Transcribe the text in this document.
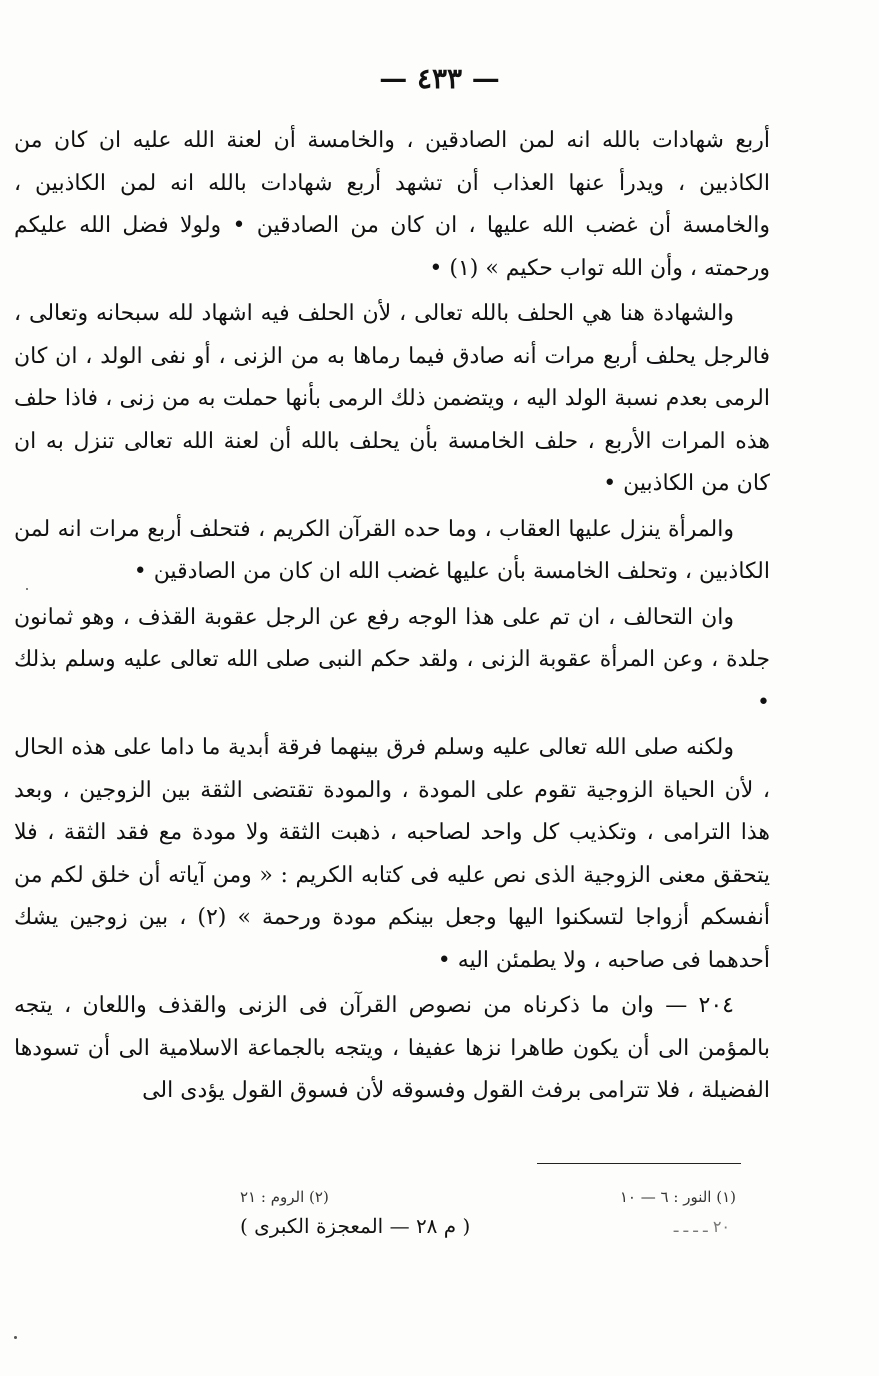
— ٤٣٣ —

أربع شهادات بالله انه لمن الصادقين ، والخامسة أن لعنة الله عليه ان كان من الكاذبين ، ويدرأ عنها العذاب أن تشهد أربع شهادات بالله انه لمن الكاذبين ، والخامسة أن غضب الله عليها ، ان كان من الصادقين • ولولا فضل الله عليكم ورحمته ، وأن الله تواب حكيم » (١) •

والشهادة هنا هي الحلف بالله تعالى ، لأن الحلف فيه اشهاد لله سبحانه وتعالى ، فالرجل يحلف أربع مرات أنه صادق فيما رماها به من الزنى ، أو نفى الولد ، ان كان الرمى بعدم نسبة الولد اليه ، ويتضمن ذلك الرمى بأنها حملت به من زنى ، فاذا حلف هذه المرات الأربع ، حلف الخامسة بأن يحلف بالله أن لعنة الله تعالى تنزل به ان كان من الكاذبين •

والمرأة ينزل عليها العقاب ، وما حده القرآن الكريم ، فتحلف أربع مرات انه لمن الكاذبين ، وتحلف الخامسة بأن عليها غضب الله ان كان من الصادقين •

وان التحالف ، ان تم على هذا الوجه رفع عن الرجل عقوبة القذف ، وهو ثمانون جلدة ، وعن المرأة عقوبة الزنى ، ولقد حكم النبى صلى الله تعالى عليه وسلم بذلك •

ولكنه صلى الله تعالى عليه وسلم فرق بينهما فرقة أبدية ما داما على هذه الحال ، لأن الحياة الزوجية تقوم على المودة ، والمودة تقتضى الثقة بين الزوجين ، وبعد هذا الترامى ، وتكذيب كل واحد لصاحبه ، ذهبت الثقة ولا مودة مع فقد الثقة ، فلا يتحقق معنى الزوجية الذى نص عليه فى كتابه الكريم : « ومن آياته أن خلق لكم من أنفسكم أزواجا لتسكنوا اليها وجعل بينكم مودة ورحمة » (٢) ، بين زوجين يشك أحدهما فى صاحبه ، ولا يطمئن اليه •

٢٠٤ — وان ما ذكرناه من نصوص القرآن فى الزنى والقذف واللعان ، يتجه بالمؤمن الى أن يكون طاهرا نزها عفيفا ، ويتجه بالجماعة الاسلامية الى أن تسودها الفضيلة ، فلا تترامى برفث القول وفسوقه لأن فسوق القول يؤدى الى

(١) النور : ٦ — ١٠
(٢) الروم : ٢١
٢٠ ـ ـ ـ ـ
( م ٢٨ — المعجزة الكبرى )
